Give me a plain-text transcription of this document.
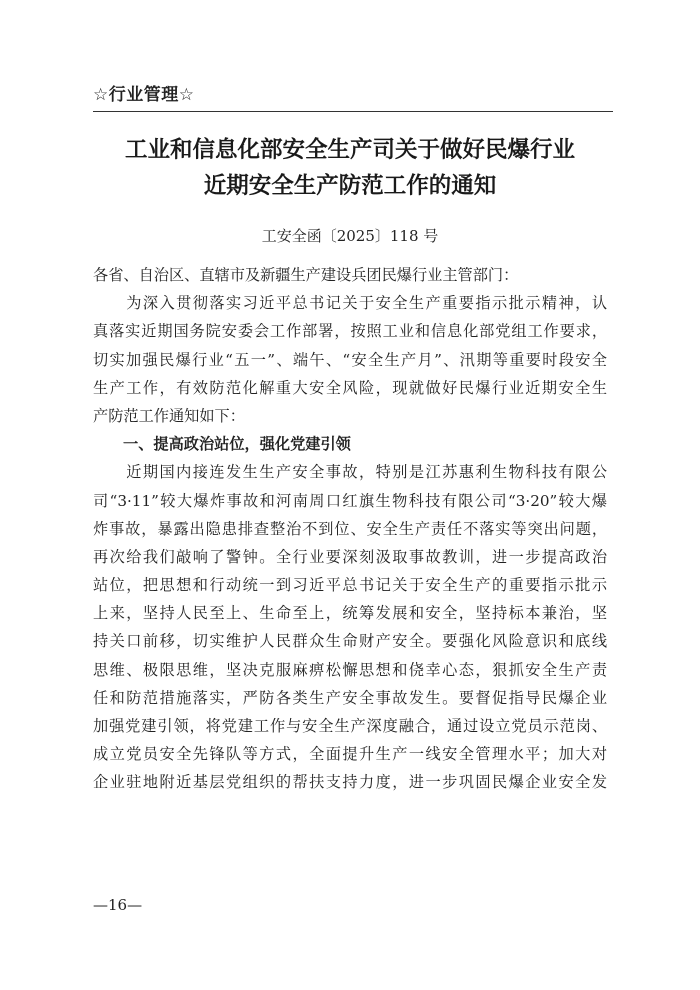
☆行业管理☆
工业和信息化部安全生产司关于做好民爆行业
近期安全生产防范工作的通知
工安全函〔2025〕118 号
各省、自治区、直辖市及新疆生产建设兵团民爆行业主管部门：
　　为深入贯彻落实习近平总书记关于安全生产重要指示批示精神，认
真落实近期国务院安委会工作部署，按照工业和信息化部党组工作要求，
切实加强民爆行业“五一”、端午、“安全生产月”、汛期等重要时段安全
生产工作，有效防范化解重大安全风险，现就做好民爆行业近期安全生
产防范工作通知如下：
一、提高政治站位，强化党建引领
　　近期国内接连发生生产安全事故，特别是江苏惠利生物科技有限公
司“3·11”较大爆炸事故和河南周口红旗生物科技有限公司“3·20”较大爆
炸事故，暴露出隐患排查整治不到位、安全生产责任不落实等突出问题，
再次给我们敲响了警钟。全行业要深刻汲取事故教训，进一步提高政治
站位，把思想和行动统一到习近平总书记关于安全生产的重要指示批示
上来，坚持人民至上、生命至上，统筹发展和安全，坚持标本兼治，坚
持关口前移，切实维护人民群众生命财产安全。要强化风险意识和底线
思维、极限思维，坚决克服麻痹松懈思想和侥幸心态，狠抓安全生产责
任和防范措施落实，严防各类生产安全事故发生。要督促指导民爆企业
加强党建引领，将党建工作与安全生产深度融合，通过设立党员示范岗、
成立党员安全先锋队等方式，全面提升生产一线安全管理水平；加大对
企业驻地附近基层党组织的帮扶支持力度，进一步巩固民爆企业安全发
—16—
